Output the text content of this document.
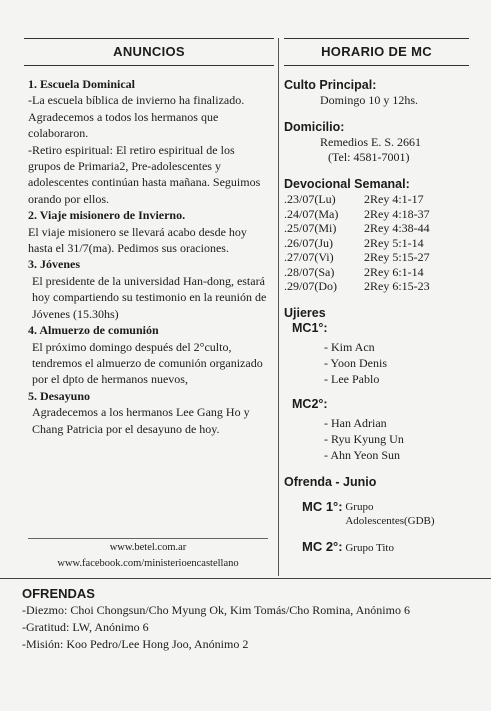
ANUNCIOS

1. Escuela Dominical

-La escuela bíblica de invierno ha finalizado. Agradecemos a todos los hermanos que colaboraron.
-Retiro espiritual: El retiro espiritual de los grupos de Primaria2, Pre-adolescentes y adolescentes continúan hasta mañana. Seguimos orando por ellos.

2. Viaje misionero de Invierno.

El viaje misionero se llevará acabo desde hoy hasta el 31/7(ma). Pedimos sus oraciones.

3. Jóvenes

El presidente de la universidad Han-dong, estará hoy compartiendo su testimonio en la reunión de Jóvenes (15.30hs)

4. Almuerzo de comunión

El próximo domingo después del 2°culto, tendremos el almuerzo de comunión organizado por el dpto de hermanos nuevos,

5. Desayuno

Agradecemos a los hermanos Lee Gang Ho y Chang Patricia por el desayuno de hoy.

www.betel.com.ar
www.facebook.com/ministerioencastellano
HORARIO DE MC
Culto Principal:
Domingo 10 y 12hs.
Domicilio:
Remedios E. S. 2661
(Tel: 4581-7001)
Devocional Semanal:
.23/07(Lu)	2Rey 4:1-17
.24/07(Ma)	2Rey 4:18-37
.25/07(Mi)	2Rey 4:38-44
.26/07(Ju)	2Rey 5:1-14
.27/07(Vi)	2Rey 5:15-27
.28/07(Sa)	2Rey 6:1-14
.29/07(Do)	2Rey 6:15-23
Ujieres
MC1°:
- Kim Acn
- Yoon Denis
- Lee Pablo
MC2°:
- Han Adrian
- Ryu Kyung Un
- Ahn Yeon Sun
Ofrenda - Junio
MC 1°: Grupo
Adolescentes(GDB)
MC 2°: Grupo Tito
OFRENDAS

-Diezmo: Choi Chongsun/Cho Myung Ok, Kim Tomás/Cho Romina, Anónimo 6

-Gratitud: LW, Anónimo 6

-Misión: Koo Pedro/Lee Hong Joo, Anónimo 2
